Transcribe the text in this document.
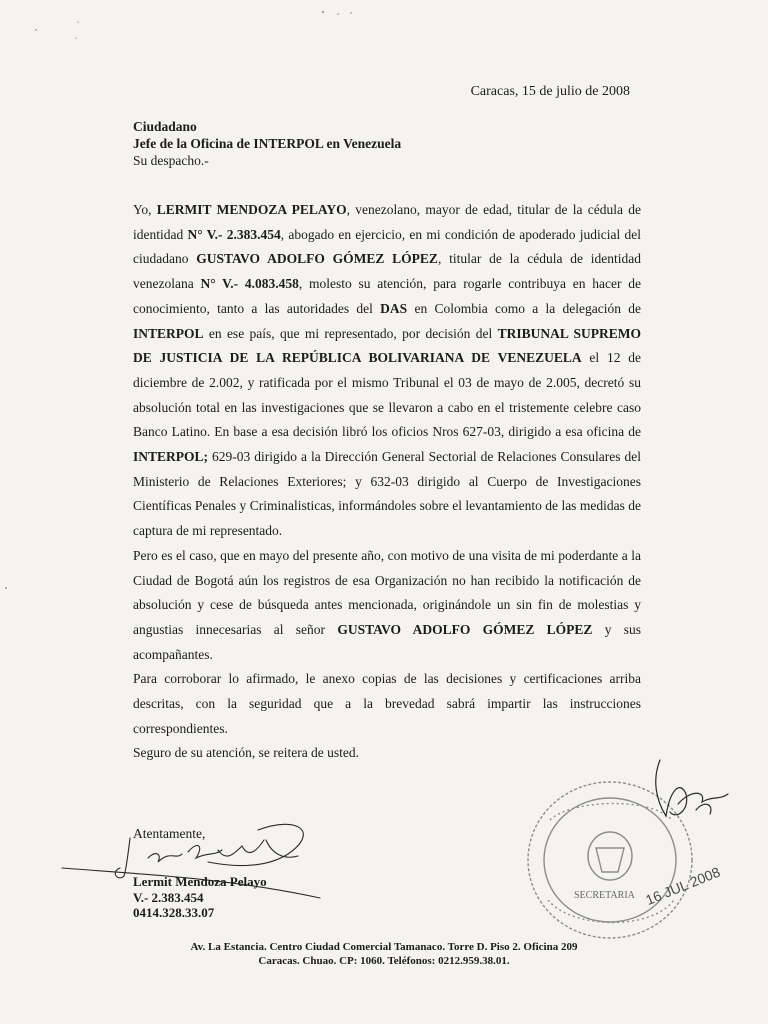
Caracas, 15 de julio de 2008
Ciudadano
Jefe de la Oficina de INTERPOL en Venezuela
Su despacho.-

Yo, LERMIT MENDOZA PELAYO, venezolano, mayor de edad, titular de la cédula de identidad N° V.- 2.383.454, abogado en ejercicio, en mi condición de apoderado judicial del ciudadano GUSTAVO ADOLFO GÓMEZ LÓPEZ, titular de la cédula de identidad venezolana N° V.- 4.083.458, molesto su atención, para rogarle contribuya en hacer de conocimiento, tanto a las autoridades del DAS en Colombia como a la delegación de INTERPOL en ese país, que mi representado, por decisión del TRIBUNAL SUPREMO DE JUSTICIA DE LA REPÚBLICA BOLIVARIANA DE VENEZUELA el 12 de diciembre de 2.002, y ratificada por el mismo Tribunal el 03 de mayo de 2.005, decretó su absolución total en las investigaciones que se llevaron a cabo en el tristemente celebre caso Banco Latino. En base a esa decisión libró los oficios Nros 627-03, dirigido a esa oficina de INTERPOL; 629-03 dirigido a la Dirección General Sectorial de Relaciones Consulares del Ministerio de Relaciones Exteriores; y 632-03 dirigido al Cuerpo de Investigaciones Científicas Penales y Criminalisticas, informándoles sobre el levantamiento de las medidas de captura de mi representado.

Pero es el caso, que en mayo del presente año, con motivo de una visita de mi poderdante a la Ciudad de Bogotá aún los registros de esa Organización no han recibido la notificación de absolución y cese de búsqueda antes mencionada, originándole un sin fin de molestias y angustias innecesarias al señor GUSTAVO ADOLFO GÓMEZ LÓPEZ y sus acompañantes.

Para corroborar lo afirmado, le anexo copias de las decisiones y certificaciones arriba descritas, con la seguridad que a la brevedad sabrá impartir las instrucciones correspondientes.

Seguro de su atención, se reitera de usted.

Atentamente,
Lermit Mendoza Pelayo
V.- 2.383.454
0414.328.33.07
SECRETARIA 16 JUL 2008
Av. La Estancia. Centro Ciudad Comercial Tamanaco. Torre D. Piso 2. Oficina 209
Caracas. Chuao. CP: 1060. Teléfonos: 0212.959.38.01.
